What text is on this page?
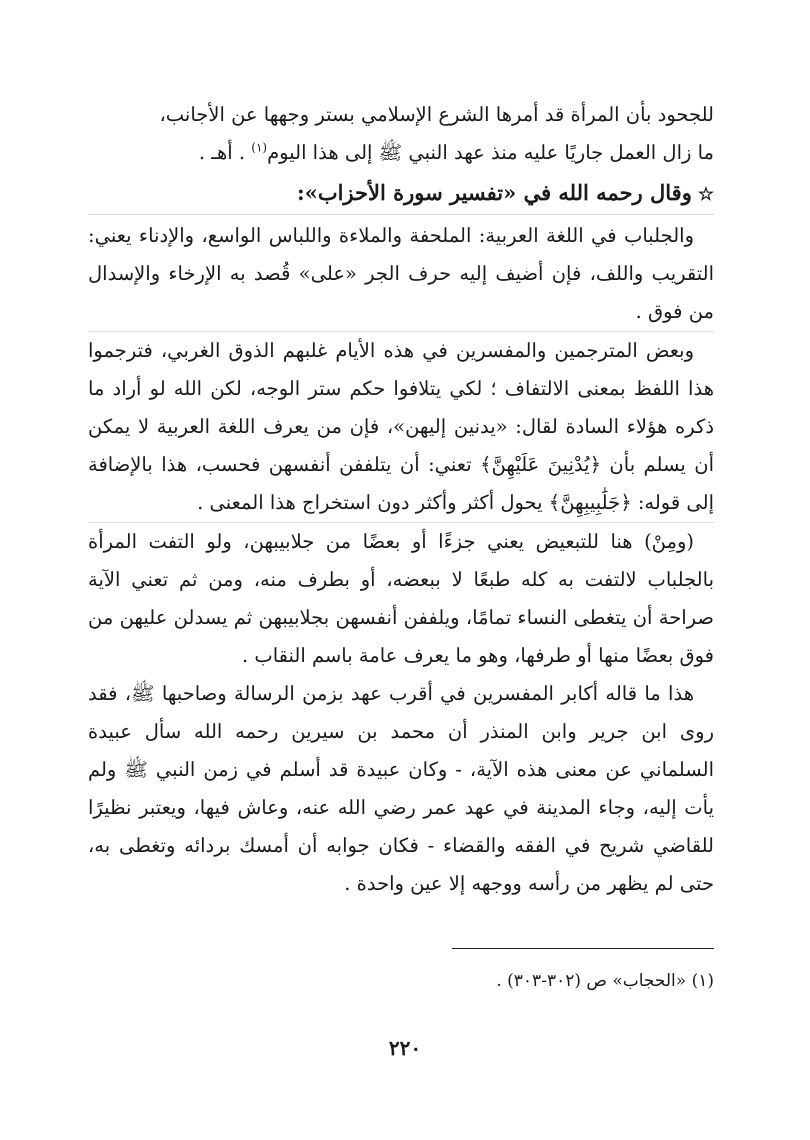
للجحود بأن المرأة قد أمرها الشرع الإسلامي بستر وجهها عن الأجانب،

ما زال العمل جاريًا عليه منذ عهد النبي ﷺ إلى هذا اليوم$^{(١)}$ . أهـ .

☆وقال رحمه الله في «تفسير سورة الأحزاب»:

والجلباب في اللغة العربية: الملحفة والملاءة واللباس الواسع، والإدناء يعني: التقريب واللف، فإن أضيف إليه حرف الجر «على» قُصد به الإرخاء والإسدال من فوق .

وبعض المترجمين والمفسرين في هذه الأيام غلبهم الذوق الغربي، فترجموا هذا اللفظ بمعنى الالتفاف ؛ لكي يتلافوا حكم ستر الوجه، لكن الله لو أراد ما ذكره هؤلاء السادة لقال: «يدنين إليهن»، فإن من يعرف اللغة العربية لا يمكن أن يسلم بأن ﴿يُدْنِينَ عَلَيْهِنَّ﴾ تعني: أن يتلففن أنفسهن فحسب، هذا بالإضافة إلى قوله: ﴿جَلَٰبِيبِهِنَّ﴾ يحول أكثر وأكثر دون استخراج هذا المعنى .

(ومِنْ) هنا للتبعيض يعني جزءًا أو بعضًا من جلابيبهن، ولو التفت المرأة بالجلباب لالتفت به كله طبعًا لا ببعضه، أو بطرف منه، ومن ثم تعني الآية صراحة أن يتغطى النساء تمامًا، ويلففن أنفسهن بجلابيبهن ثم يسدلن عليهن من فوق بعضًا منها أو طرفها، وهو ما يعرف عامة باسم النقاب .

هذا ما قاله أكابر المفسرين في أقرب عهد بزمن الرسالة وصاحبها ﷺ، فقد روى ابن جرير وابن المنذر أن محمد بن سيرين رحمه الله سأل عبيدة السلماني عن معنى هذه الآية، - وكان عبيدة قد أسلم في زمن النبي ﷺ ولم يأت إليه، وجاء المدينة في عهد عمر رضي الله عنه، وعاش فيها، ويعتبر نظيرًا للقاضي شريح في الفقه والقضاء - فكان جوابه أن أمسك بردائه وتغطى به، حتى لم يظهر من رأسه ووجهه إلا عين واحدة .

(١) «الحجاب» ص (٣٠٢-٣٠٣) .
٢٢٠
